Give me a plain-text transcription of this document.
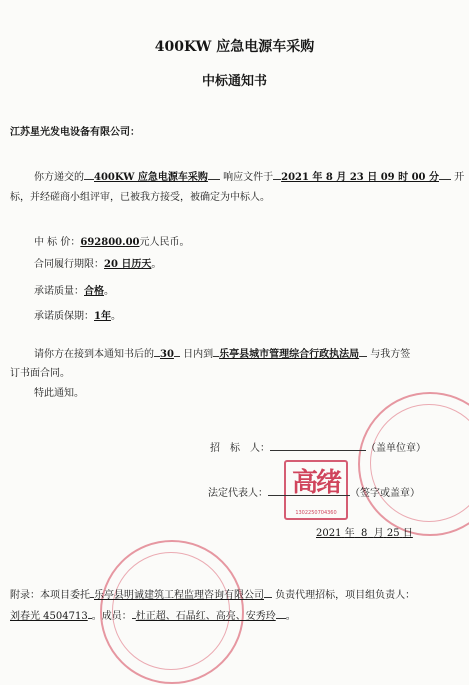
400KW 应急电源车采购
中标通知书
江苏星光发电设备有限公司：
你方递交的 400KW 应急电源车采购 响应文件于 2021 年 8 月 23 日 09 时 00 分 开
标，并经磋商小组评审，已被我方接受，被确定为中标人。
中 标 价：692800.00元人民币。
合同履行期限：20 日历天。
承诺质量：合格。
承诺质保期：1年。
请你方在接到本通知书后的 30 日内到 乐亭县城市管理综合行政执法局 与我方签
订书面合同。
特此通知。
招　标　人：	（盖单位章）
高绪
1302250704360
法定代表人：	（签字或盖章）
2021 年 8 月 25 日
附录：本项目委托 乐亭县明诚建筑工程监理咨询有限公司 负责代理招标，项目组负责人：
刘春光 4504713 。成员： 杜正超、石晶红、高亮、安秀玲 。
